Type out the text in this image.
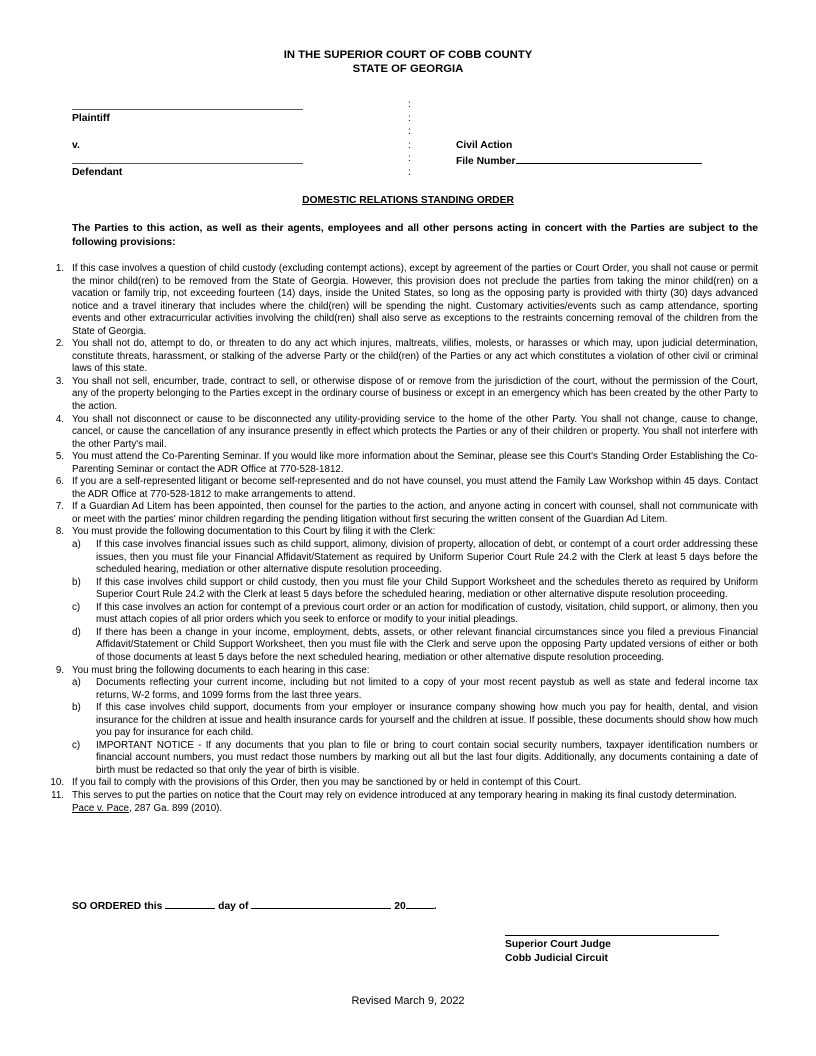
IN THE SUPERIOR COURT OF COBB COUNTY
STATE OF GEORGIA
:
Plaintiff	:
:
v.	:	Civil Action
:	File Number
Defendant	:
DOMESTIC RELATIONS STANDING ORDER
The Parties to this action, as well as their agents, employees and all other persons acting in concert with the Parties are subject to the following provisions:
1. If this case involves a question of child custody (excluding contempt actions), except by agreement of the parties or Court Order, you shall not cause or permit the minor child(ren) to be removed from the State of Georgia. However, this provision does not preclude the parties from taking the minor child(ren) on a vacation or family trip, not exceeding fourteen (14) days, inside the United States, so long as the opposing party is provided with thirty (30) days advanced notice and a travel itinerary that includes where the child(ren) will be spending the night. Customary activities/events such as camp attendance, sporting events and other extracurricular activities involving the child(ren) shall also serve as exceptions to the restraints concerning removal of the children from the State of Georgia.
2. You shall not do, attempt to do, or threaten to do any act which injures, maltreats, vilifies, molests, or harasses or which may, upon judicial determination, constitute threats, harassment, or stalking of the adverse Party or the child(ren) of the Parties or any act which constitutes a violation of other civil or criminal laws of this state.
3. You shall not sell, encumber, trade, contract to sell, or otherwise dispose of or remove from the jurisdiction of the court, without the permission of the Court, any of the property belonging to the Parties except in the ordinary course of business or except in an emergency which has been created by the other Party to the action.
4. You shall not disconnect or cause to be disconnected any utility-providing service to the home of the other Party. You shall not change, cause to change, cancel, or cause the cancellation of any insurance presently in effect which protects the Parties or any of their children or property. You shall not interfere with the other Party's mail.
5. You must attend the Co-Parenting Seminar. If you would like more information about the Seminar, please see this Court's Standing Order Establishing the Co-Parenting Seminar or contact the ADR Office at 770-528-1812.
6. If you are a self-represented litigant or become self-represented and do not have counsel, you must attend the Family Law Workshop within 45 days. Contact the ADR Office at 770-528-1812 to make arrangements to attend.
7. If a Guardian Ad Litem has been appointed, then counsel for the parties to the action, and anyone acting in concert with counsel, shall not communicate with or meet with the parties' minor children regarding the pending litigation without first securing the written consent of the Guardian Ad Litem.
8. You must provide the following documentation to this Court by filing it with the Clerk:
a) If this case involves financial issues such as child support, alimony, division of property, allocation of debt, or contempt of a court order addressing these issues, then you must file your Financial Affidavit/Statement as required by Uniform Superior Court Rule 24.2 with the Clerk at least 5 days before the scheduled hearing, mediation or other alternative dispute resolution proceeding.
b) If this case involves child support or child custody, then you must file your Child Support Worksheet and the schedules thereto as required by Uniform Superior Court Rule 24.2 with the Clerk at least 5 days before the scheduled hearing, mediation or other alternative dispute resolution proceeding.
c) If this case involves an action for contempt of a previous court order or an action for modification of custody, visitation, child support, or alimony, then you must attach copies of all prior orders which you seek to enforce or modify to your initial pleadings.
d) If there has been a change in your income, employment, debts, assets, or other relevant financial circumstances since you filed a previous Financial Affidavit/Statement or Child Support Worksheet, then you must file with the Clerk and serve upon the opposing Party updated versions of either or both of those documents at least 5 days before the next scheduled hearing, mediation or other alternative dispute resolution proceeding.
9. You must bring the following documents to each hearing in this case:
a) Documents reflecting your current income, including but not limited to a copy of your most recent paystub as well as state and federal income tax returns, W-2 forms, and 1099 forms from the last three years.
b) If this case involves child support, documents from your employer or insurance company showing how much you pay for health, dental, and vision insurance for the children at issue and health insurance cards for yourself and the children at issue. If possible, these documents should show how much you pay for insurance for each child.
c) IMPORTANT NOTICE - If any documents that you plan to file or bring to court contain social security numbers, taxpayer identification numbers or financial account numbers, you must redact those numbers by marking out all but the last four digits. Additionally, any documents containing a date of birth must be redacted so that only the year of birth is visible.
10. If you fail to comply with the provisions of this Order, then you may be sanctioned by or held in contempt of this Court.
11. This serves to put the parties on notice that the Court may rely on evidence introduced at any temporary hearing in making its final custody determination.
Pace v. Pace, 287 Ga. 899 (2010).
SO ORDERED this	day of	20	.
Superior Court Judge
Cobb Judicial Circuit
Revised March 9, 2022
